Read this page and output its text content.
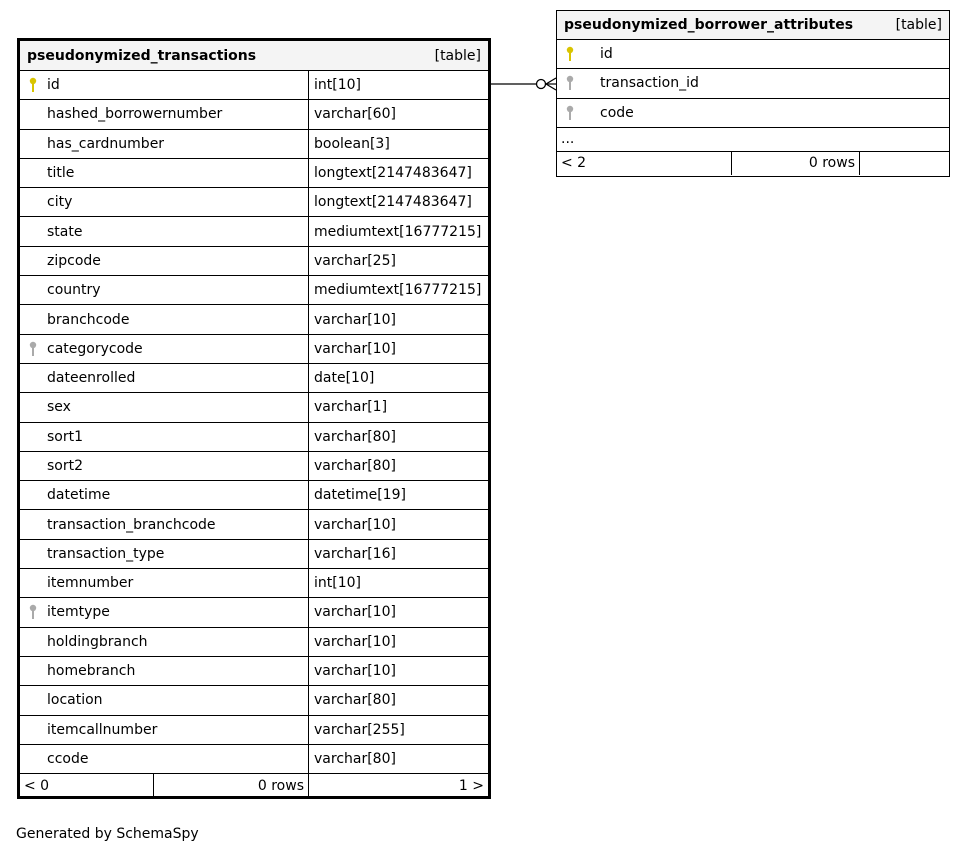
pseudonymized_transactions	[table]
id	int[10]
hashed_borrowernumber	varchar[60]
has_cardnumber	boolean[3]
title	longtext[2147483647]
city	longtext[2147483647]
state	mediumtext[16777215]
zipcode	varchar[25]
country	mediumtext[16777215]
branchcode	varchar[10]
categorycode	varchar[10]
dateenrolled	date[10]
sex	varchar[1]
sort1	varchar[80]
sort2	varchar[80]
datetime	datetime[19]
transaction_branchcode	varchar[10]
transaction_type	varchar[16]
itemnumber	int[10]
itemtype	varchar[10]
holdingbranch	varchar[10]
homebranch	varchar[10]
location	varchar[80]
itemcallnumber	varchar[255]
ccode	varchar[80]
< 0	0 rows	1 >
pseudonymized_borrower_attributes	[table]
id
transaction_id
code
...
< 2	0 rows
Generated by SchemaSpy
